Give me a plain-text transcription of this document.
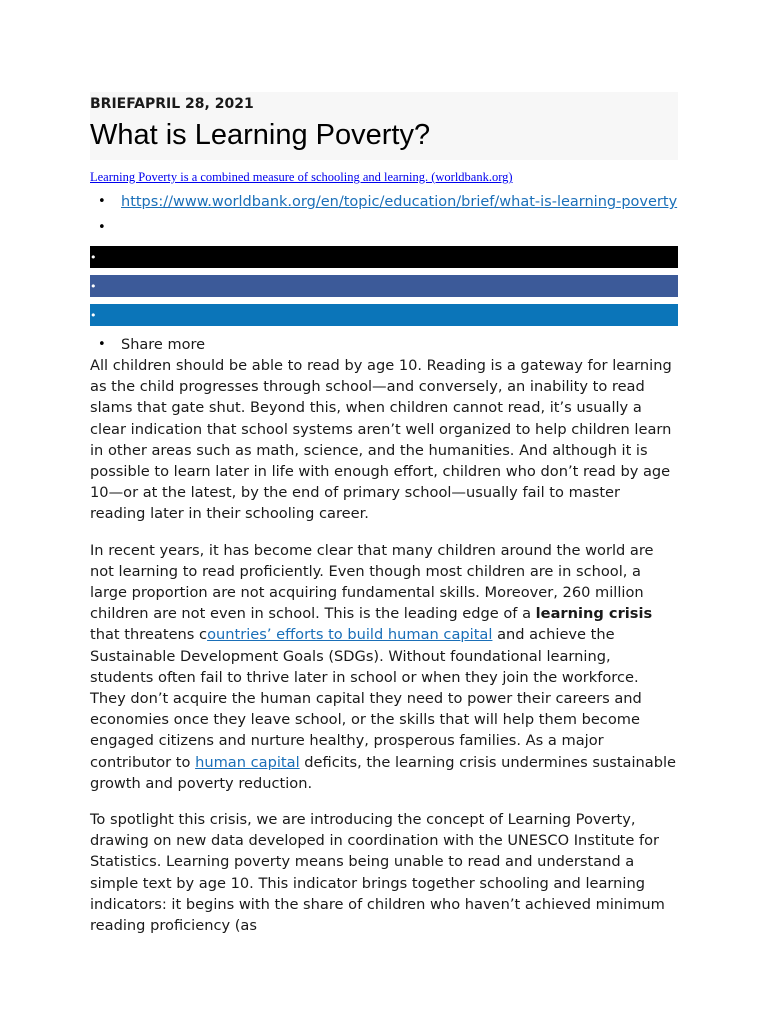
BRIEFAPRIL 28, 2021
What is Learning Poverty?
Learning Poverty is a combined measure of schooling and learning. (worldbank.org)
•	https://www.worldbank.org/en/topic/education/brief/what-is-learning-poverty
•
•
•
•
•	Share more

All children should be able to read by age 10. Reading is a gateway for learning as the child progresses through school—and conversely, an inability to read slams that gate shut. Beyond this, when children cannot read, it’s usually a clear indication that school systems aren’t well organized to help children learn in other areas such as math, science, and the humanities. And although it is possible to learn later in life with enough effort, children who don’t read by age 10—or at the latest, by the end of primary school—usually fail to master reading later in their schooling career.

In recent years, it has become clear that many children around the world are not learning to read proficiently. Even though most children are in school, a large proportion are not acquiring fundamental skills. Moreover, 260 million children are not even in school. This is the leading edge of a learning crisis that threatens countries’ efforts to build human capital and achieve the Sustainable Development Goals (SDGs). Without foundational learning, students often fail to thrive later in school or when they join the workforce. They don’t acquire the human capital they need to power their careers and economies once they leave school, or the skills that will help them become engaged citizens and nurture healthy, prosperous families. As a major contributor to human capital deficits, the learning crisis undermines sustainable growth and poverty reduction.

To spotlight this crisis, we are introducing the concept of Learning Poverty, drawing on new data developed in coordination with the UNESCO Institute for Statistics. Learning poverty means being unable to read and understand a simple text by age 10. This indicator brings together schooling and learning indicators: it begins with the share of children who haven’t achieved minimum reading proficiency (as
